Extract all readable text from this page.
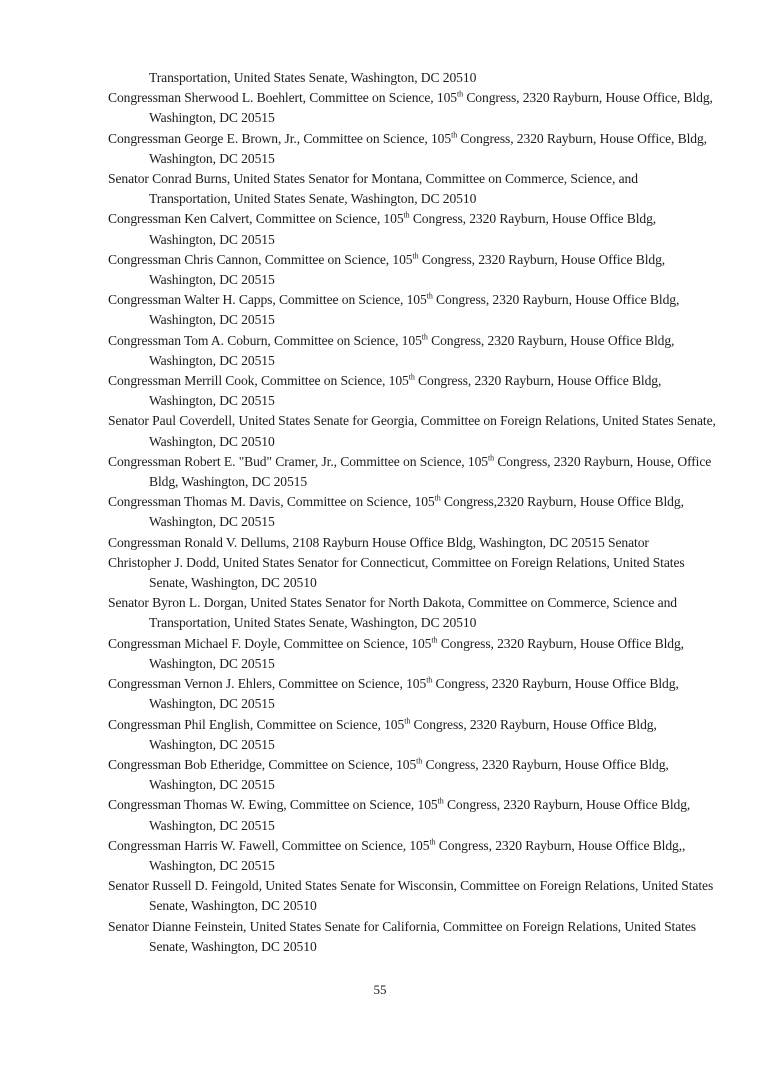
Transportation, United States Senate, Washington, DC 20510

Congressman Sherwood L. Boehlert, Committee on Science, 105th Congress, 2320 Rayburn, House Office, Bldg, Washington, DC 20515

Congressman George E. Brown, Jr., Committee on Science, 105th Congress, 2320 Rayburn, House Office, Bldg, Washington, DC 20515

Senator Conrad Burns, United States Senator for Montana, Committee on Commerce, Science, and Transportation, United States Senate, Washington, DC 20510

Congressman Ken Calvert, Committee on Science, 105th Congress, 2320 Rayburn, House Office Bldg, Washington, DC 20515

Congressman Chris Cannon, Committee on Science, 105th Congress, 2320 Rayburn, House Office Bldg, Washington, DC 20515

Congressman Walter H. Capps, Committee on Science, 105th Congress, 2320 Rayburn, House Office Bldg, Washington, DC 20515

Congressman Tom A. Coburn, Committee on Science, 105th Congress, 2320 Rayburn, House Office Bldg, Washington, DC 20515

Congressman Merrill Cook, Committee on Science, 105th Congress, 2320 Rayburn, House Office Bldg, Washington, DC 20515

Senator Paul Coverdell, United States Senate for Georgia, Committee on Foreign Relations, United States Senate, Washington, DC 20510

Congressman Robert E. "Bud" Cramer, Jr., Committee on Science, 105th Congress, 2320 Rayburn, House, Office Bldg, Washington, DC 20515

Congressman Thomas M. Davis, Committee on Science, 105th Congress,2320 Rayburn, House Office Bldg, Washington, DC 20515

Congressman Ronald V. Dellums, 2108 Rayburn House Office Bldg, Washington, DC 20515 Senator

Christopher J. Dodd, United States Senator for Connecticut, Committee on Foreign Relations, United States Senate, Washington, DC 20510

Senator Byron L. Dorgan, United States Senator for North Dakota, Committee on Commerce, Science and Transportation, United States Senate, Washington, DC 20510

Congressman Michael F. Doyle, Committee on Science, 105th Congress, 2320 Rayburn, House Office Bldg, Washington, DC 20515

Congressman Vernon J. Ehlers, Committee on Science, 105th Congress, 2320 Rayburn, House Office Bldg, Washington, DC 20515

Congressman Phil English, Committee on Science, 105th Congress, 2320 Rayburn, House Office Bldg, Washington, DC 20515

Congressman Bob Etheridge, Committee on Science, 105th Congress, 2320 Rayburn, House Office Bldg, Washington, DC 20515

Congressman Thomas W. Ewing, Committee on Science, 105th Congress, 2320 Rayburn, House Office Bldg, Washington, DC 20515

Congressman Harris W. Fawell, Committee on Science, 105th Congress, 2320 Rayburn, House Office Bldg,, Washington, DC 20515

Senator Russell D. Feingold, United States Senate for Wisconsin, Committee on Foreign Relations, United States Senate, Washington, DC 20510

Senator Dianne Feinstein, United States Senate for California, Committee on Foreign Relations, United States Senate, Washington, DC 20510

55
